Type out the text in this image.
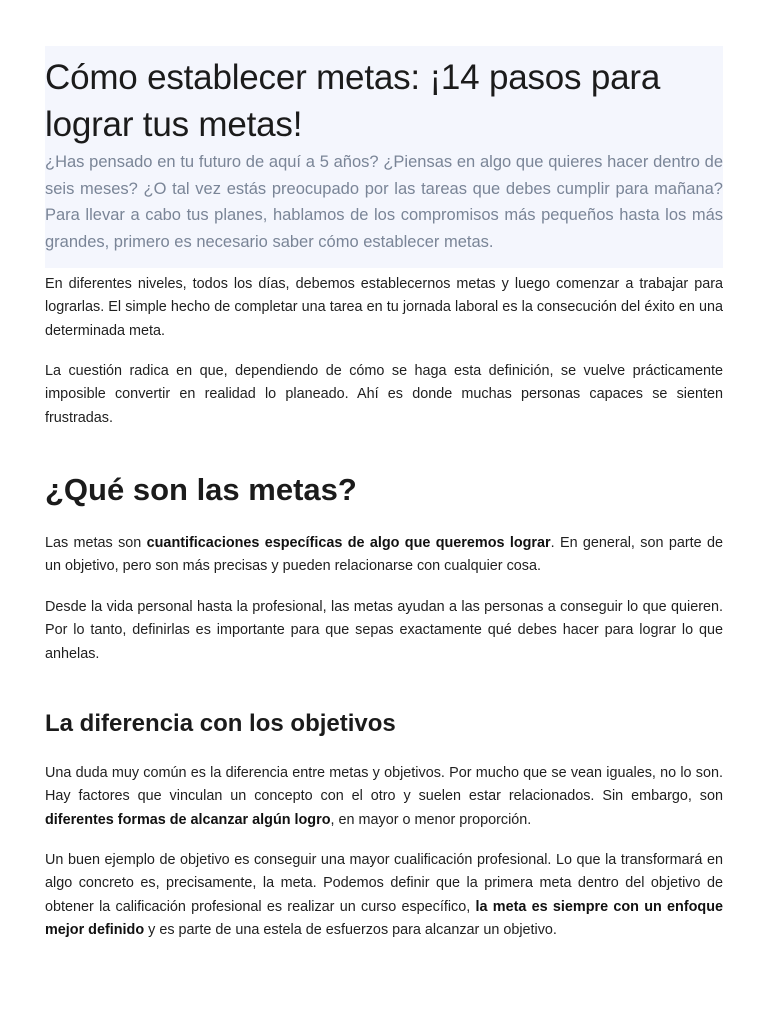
Cómo establecer metas: ¡14 pasos para lograr tus metas!

¿Has pensado en tu futuro de aquí a 5 años? ¿Piensas en algo que quieres hacer dentro de seis meses? ¿O tal vez estás preocupado por las tareas que debes cumplir para mañana? Para llevar a cabo tus planes, hablamos de los compromisos más pequeños hasta los más grandes, primero es necesario saber cómo establecer metas.

En diferentes niveles, todos los días, debemos establecernos metas y luego comenzar a trabajar para lograrlas. El simple hecho de completar una tarea en tu jornada laboral es la consecución del éxito en una determinada meta.

La cuestión radica en que, dependiendo de cómo se haga esta definición, se vuelve prácticamente imposible convertir en realidad lo planeado. Ahí es donde muchas personas capaces se sienten frustradas.

¿Qué son las metas?

Las metas son cuantificaciones específicas de algo que queremos lograr. En general, son parte de un objetivo, pero son más precisas y pueden relacionarse con cualquier cosa.

Desde la vida personal hasta la profesional, las metas ayudan a las personas a conseguir lo que quieren. Por lo tanto, definirlas es importante para que sepas exactamente qué debes hacer para lograr lo que anhelas.

La diferencia con los objetivos

Una duda muy común es la diferencia entre metas y objetivos. Por mucho que se vean iguales, no lo son. Hay factores que vinculan un concepto con el otro y suelen estar relacionados. Sin embargo, son diferentes formas de alcanzar algún logro, en mayor o menor proporción.

Un buen ejemplo de objetivo es conseguir una mayor cualificación profesional. Lo que la transformará en algo concreto es, precisamente, la meta. Podemos definir que la primera meta dentro del objetivo de obtener la calificación profesional es realizar un curso específico, la meta es siempre con un enfoque mejor definido y es parte de una estela de esfuerzos para alcanzar un objetivo.
